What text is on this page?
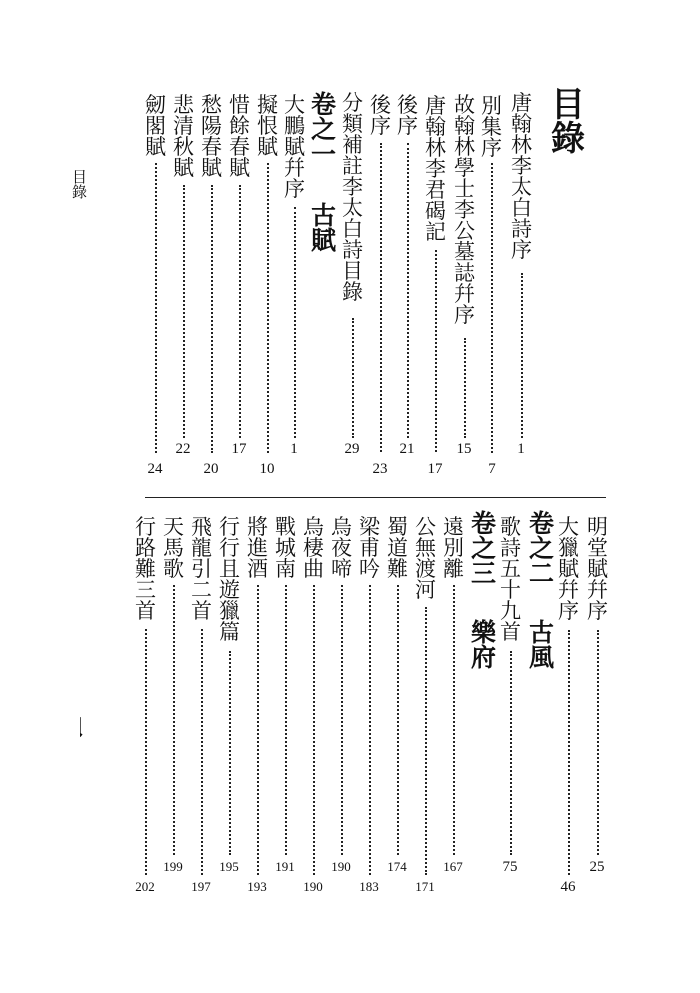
目
錄
一
目
錄
唐
翰
林
李
太
白
詩
序
1
別
集
序
7
故
翰
林
學
士
李
公
墓
誌
幷
序
15
唐
翰
林
李
君
碣
記
17
後
序
21
後
序
23
分
類
補
註
李
太
白
詩
目
錄
29
卷
之
一
古
賦
大
鵬
賦
幷
序
1
擬
恨
賦
10
惜
餘
春
賦
17
愁
陽
春
賦
20
悲
清
秋
賦
22
劒
閣
賦
24
明
堂
賦
幷
序
25
大
獵
賦
幷
序
46
卷
之
二
古
風
歌
詩
五
十
九
首
75
卷
之
三
樂
府
遠
別
離
167
公
無
渡
河
171
蜀
道
難
174
梁
甫
吟
183
烏
夜
啼
190
烏
棲
曲
190
戰
城
南
191
將
進
酒
193
行
行
且
遊
獵
篇
195
飛
龍
引
二
首
197
天
馬
歌
199
行
路
難
三
首
202
